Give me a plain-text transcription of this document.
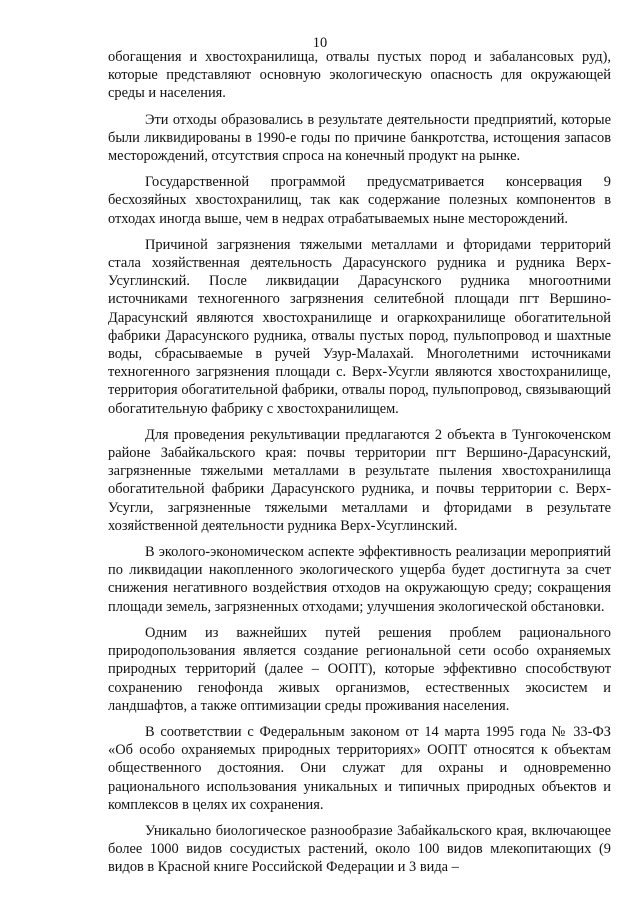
10

обогащения и хвостохранилища, отвалы пустых пород и забалансовых руд), которые представляют основную экологическую опасность для окружающей среды и населения.

Эти отходы образовались в результате деятельности предприятий, которые были ликвидированы в 1990-е годы по причине банкротства, истощения запасов месторождений, отсутствия спроса на конечный продукт на рынке.

Государственной программой предусматривается консервация 9 бесхозяйных хвостохранилищ, так как содержание полезных компонентов в отходах иногда выше, чем в недрах отрабатываемых ныне месторождений.

Причиной загрязнения тяжелыми металлами и фторидами территорий стала хозяйственная деятельность Дарасунского рудника и рудника Верх-Усуглинский. После ликвидации Дарасунского рудника многоотними источниками техногенного загрязнения селитебной площади пгт Вершино-Дарасунский являются хвостохранилище и огаркохранилище обогатительной фабрики Дарасунского рудника, отвалы пустых пород, пульпопровод и шахтные воды, сбрасываемые в ручей Узур-Малахай. Многолетними источниками техногенного загрязнения площади с. Верх-Усугли являются хвостохранилище, территория обогатительной фабрики, отвалы пород, пульпопровод, связывающий обогатительную фабрику с хвостохранилищем.

Для проведения рекультивации предлагаются 2 объекта в Тунгокоченском районе Забайкальского края: почвы территории пгт Вершино-Дарасунский, загрязненные тяжелыми металлами в результате пыления хвостохранилища обогатительной фабрики Дарасунского рудника, и почвы территории с. Верх-Усугли, загрязненные тяжелыми металлами и фторидами в результате хозяйственной деятельности рудника Верх-Усуглинский.

В эколого-экономическом аспекте эффективность реализации мероприятий по ликвидации накопленного экологического ущерба будет достигнута за счет снижения негативного воздействия отходов на окружающую среду; сокращения площади земель, загрязненных отходами; улучшения экологической обстановки.

Одним из важнейших путей решения проблем рационального природопользования является создание региональной сети особо охраняемых природных территорий (далее – ООПТ), которые эффективно способствуют сохранению генофонда живых организмов, естественных экосистем и ландшафтов, а также оптимизации среды проживания населения.

В соответствии с Федеральным законом от 14 марта 1995 года № 33-ФЗ «Об особо охраняемых природных территориях» ООПТ относятся к объектам общественного достояния. Они служат для охраны и одновременно рационального использования уникальных и типичных природных объектов и комплексов в целях их сохранения.

Уникально биологическое разнообразие Забайкальского края, включающее более 1000 видов сосудистых растений, около 100 видов млекопитающих (9 видов в Красной книге Российской Федерации и 3 вида –
